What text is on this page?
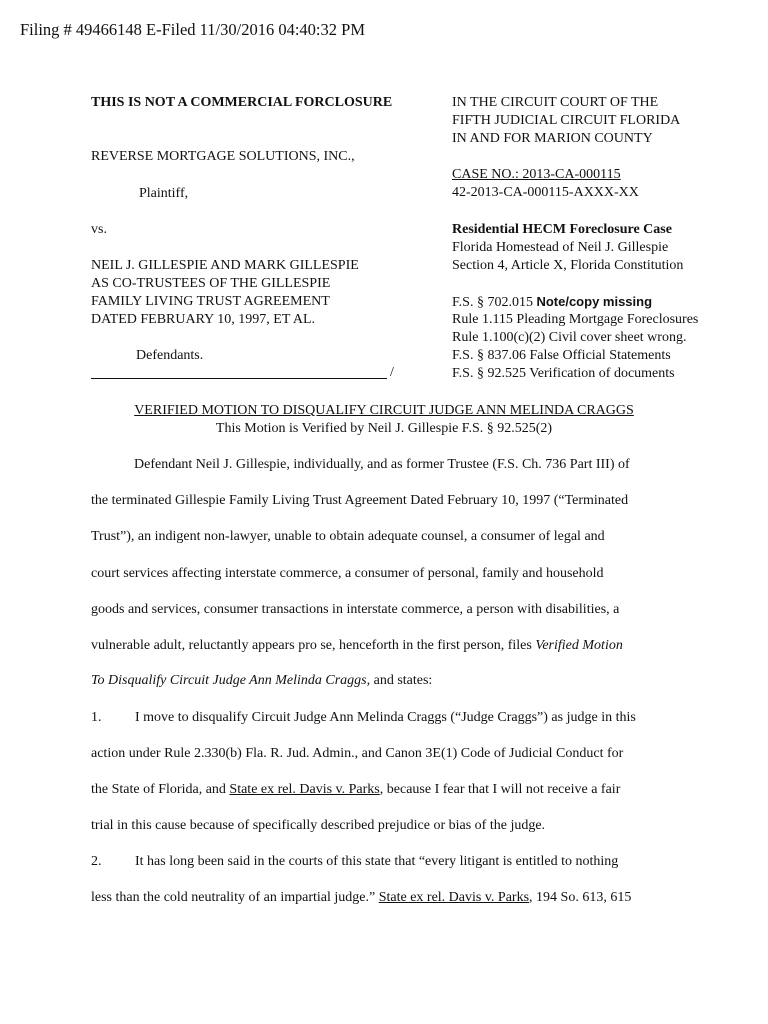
Filing # 49466148 E-Filed 11/30/2016 04:40:32 PM
THIS IS NOT A COMMERCIAL FORCLOSURE
REVERSE MORTGAGE SOLUTIONS, INC.,
Plaintiff,
vs.
NEIL J. GILLESPIE AND MARK GILLESPIE
AS CO-TRUSTEES OF THE GILLESPIE
FAMILY LIVING TRUST AGREEMENT
DATED FEBRUARY 10, 1997, ET AL.
Defendants.
/
IN THE CIRCUIT COURT OF THE
FIFTH JUDICIAL CIRCUIT FLORIDA
IN AND FOR MARION COUNTY
CASE NO.: 2013-CA-000115
42-2013-CA-000115-AXXX-XX
Residential HECM Foreclosure Case
Florida Homestead of Neil J. Gillespie
Section 4, Article X, Florida Constitution
F.S. § 702.015 Note/copy missing
Rule 1.115 Pleading Mortgage Foreclosures
Rule 1.100(c)(2) Civil cover sheet wrong.
F.S. § 837.06 False Official Statements
F.S. § 92.525 Verification of documents
VERIFIED MOTION TO DISQUALIFY CIRCUIT JUDGE ANN MELINDA CRAGGS
This Motion is Verified by Neil J. Gillespie F.S. § 92.525(2)
Defendant Neil J. Gillespie, individually, and as former Trustee (F.S. Ch. 736 Part III) of
the terminated Gillespie Family Living Trust Agreement Dated February 10, 1997 (“Terminated
Trust”), an indigent non-lawyer, unable to obtain adequate counsel, a consumer of legal and
court services affecting interstate commerce, a consumer of personal, family and household
goods and services, consumer transactions in interstate commerce, a person with disabilities, a
vulnerable adult, reluctantly appears pro se, henceforth in the first person, files Verified Motion
To Disqualify Circuit Judge Ann Melinda Craggs, and states:
1. I move to disqualify Circuit Judge Ann Melinda Craggs (“Judge Craggs”) as judge in this
action under Rule 2.330(b) Fla. R. Jud. Admin., and Canon 3E(1) Code of Judicial Conduct for
the State of Florida, and State ex rel. Davis v. Parks, because I fear that I will not receive a fair
trial in this cause because of specifically described prejudice or bias of the judge.
2. It has long been said in the courts of this state that “every litigant is entitled to nothing
less than the cold neutrality of an impartial judge.” State ex rel. Davis v. Parks, 194 So. 613, 615
